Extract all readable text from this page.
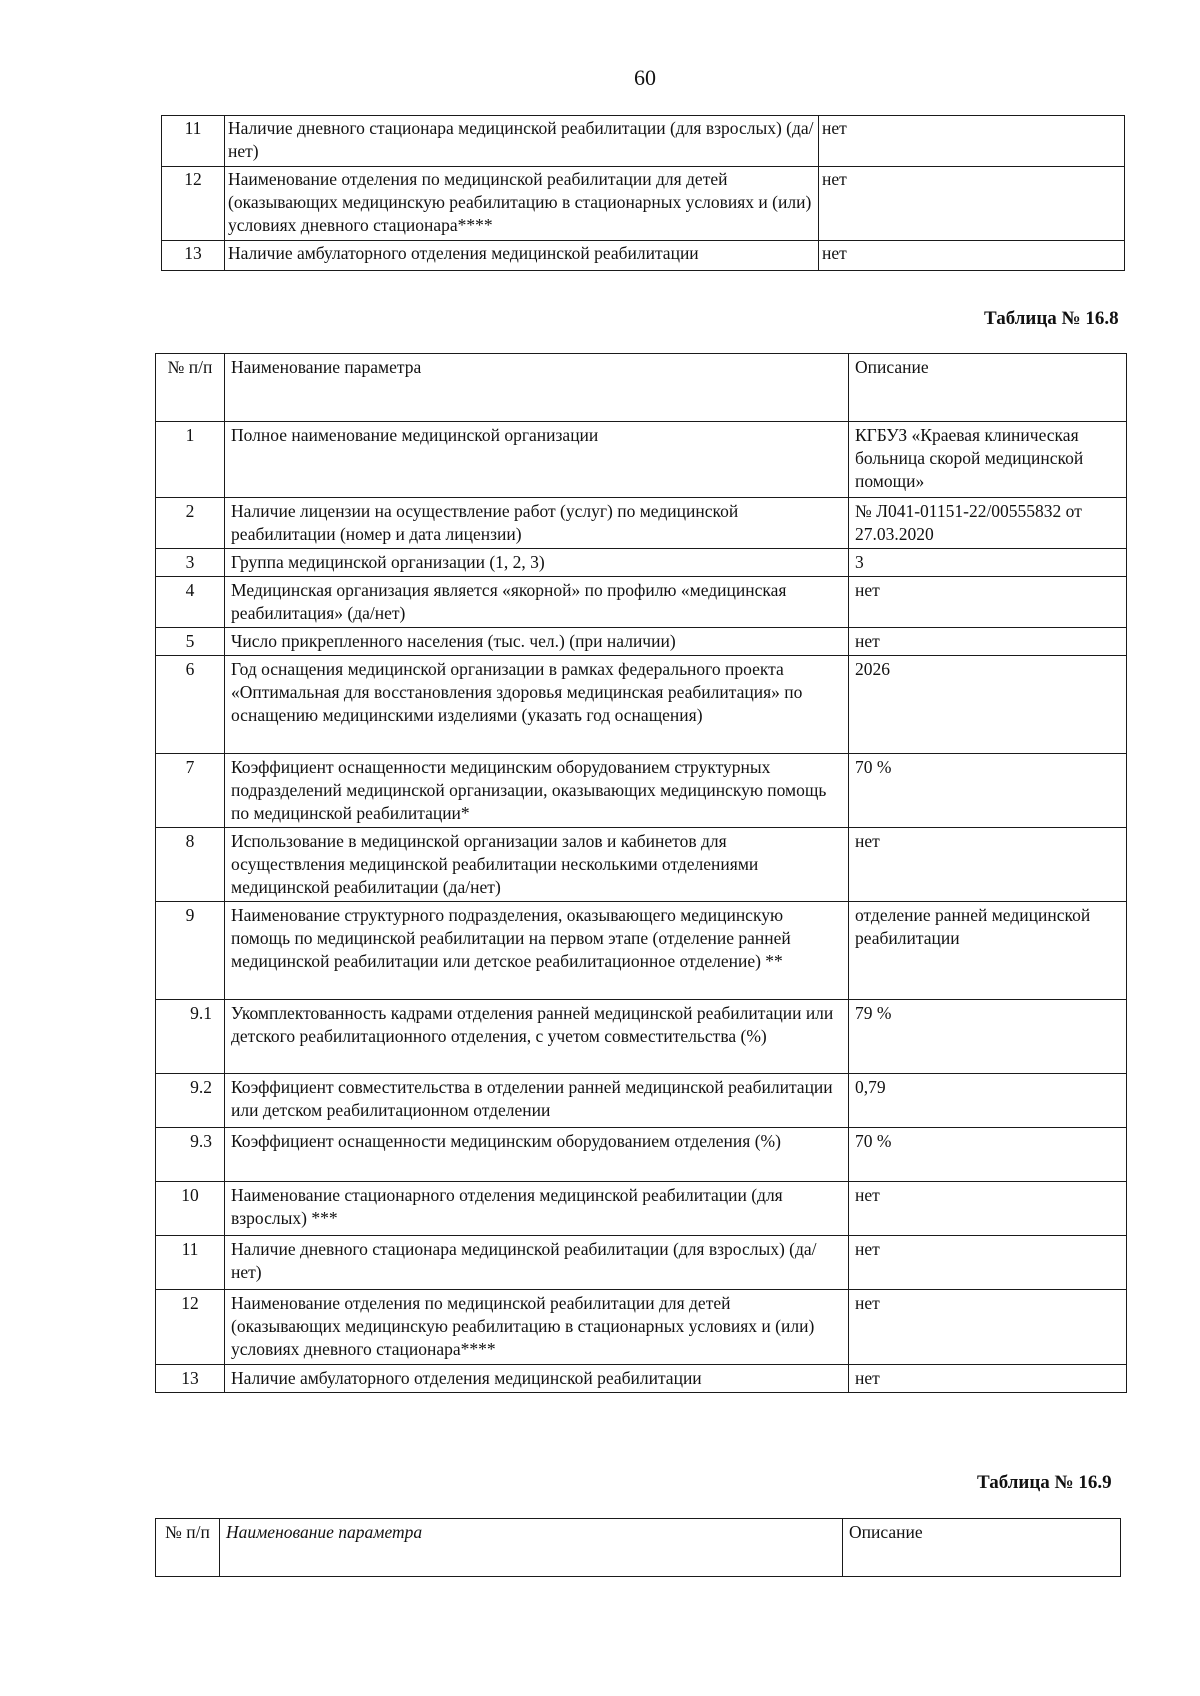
60
11	Наличие дневного стационара медицинской реабилитации (для взрослых) (да/нет)	нет
12	Наименование отделения по медицинской реабилитации для детей (оказывающих медицинскую реабилитацию в стационарных условиях и (или) условиях дневного стационара****	нет
13	Наличие амбулаторного отделения медицинской реабилитации	нет
Таблица № 16.8
№ п/п	Наименование параметра	Описание
1	Полное наименование медицинской организации	КГБУЗ «Краевая клиническая больница скорой медицинской помощи»
2	Наличие лицензии на осуществление работ (услуг) по медицинской реабилитации (номер и дата лицензии)	№ Л041-01151-22/00555832 от 27.03.2020
3	Группа медицинской организации (1, 2, 3)	3
4	Медицинская организация является «якорной» по профилю «медицинская реабилитация» (да/нет)	нет
5	Число прикрепленного населения (тыс. чел.) (при наличии)	нет
6	Год оснащения медицинской организации в рамках федерального проекта «Оптимальная для восстановления здоровья медицинская реабилитация» по оснащению медицинскими изделиями (указать год оснащения)	2026
7	Коэффициент оснащенности медицинским оборудованием структурных подразделений медицинской организации, оказывающих медицинскую помощь по медицинской реабилитации*	70 %
8	Использование в медицинской организации залов и кабинетов для осуществления медицинской реабилитации несколькими отделениями медицинской реабилитации (да/нет)	нет
9	Наименование структурного подразделения, оказывающего медицинскую помощь по медицинской реабилитации на первом этапе (отделение ранней медицинской реабилитации или детское реабилитационное отделение) **	отделение ранней медицинской реабилитации
9.1	Укомплектованность кадрами отделения ранней медицинской реабилитации или детского реабилитационного отделения, с учетом совместительства (%)	79 %
9.2	Коэффициент совместительства в отделении ранней медицинской реабилитации или детском реабилитационном отделении	0,79
9.3	Коэффициент оснащенности медицинским оборудованием отделения (%)	70 %
10	Наименование стационарного отделения медицинской реабилитации (для взрослых) ***	нет
11	Наличие дневного стационара медицинской реабилитации (для взрослых) (да/нет)	нет
12	Наименование отделения по медицинской реабилитации для детей (оказывающих медицинскую реабилитацию в стационарных условиях и (или) условиях дневного стационара****	нет
13	Наличие амбулаторного отделения медицинской реабилитации	нет
Таблица № 16.9
№ п/п	Наименование параметра	Описание
